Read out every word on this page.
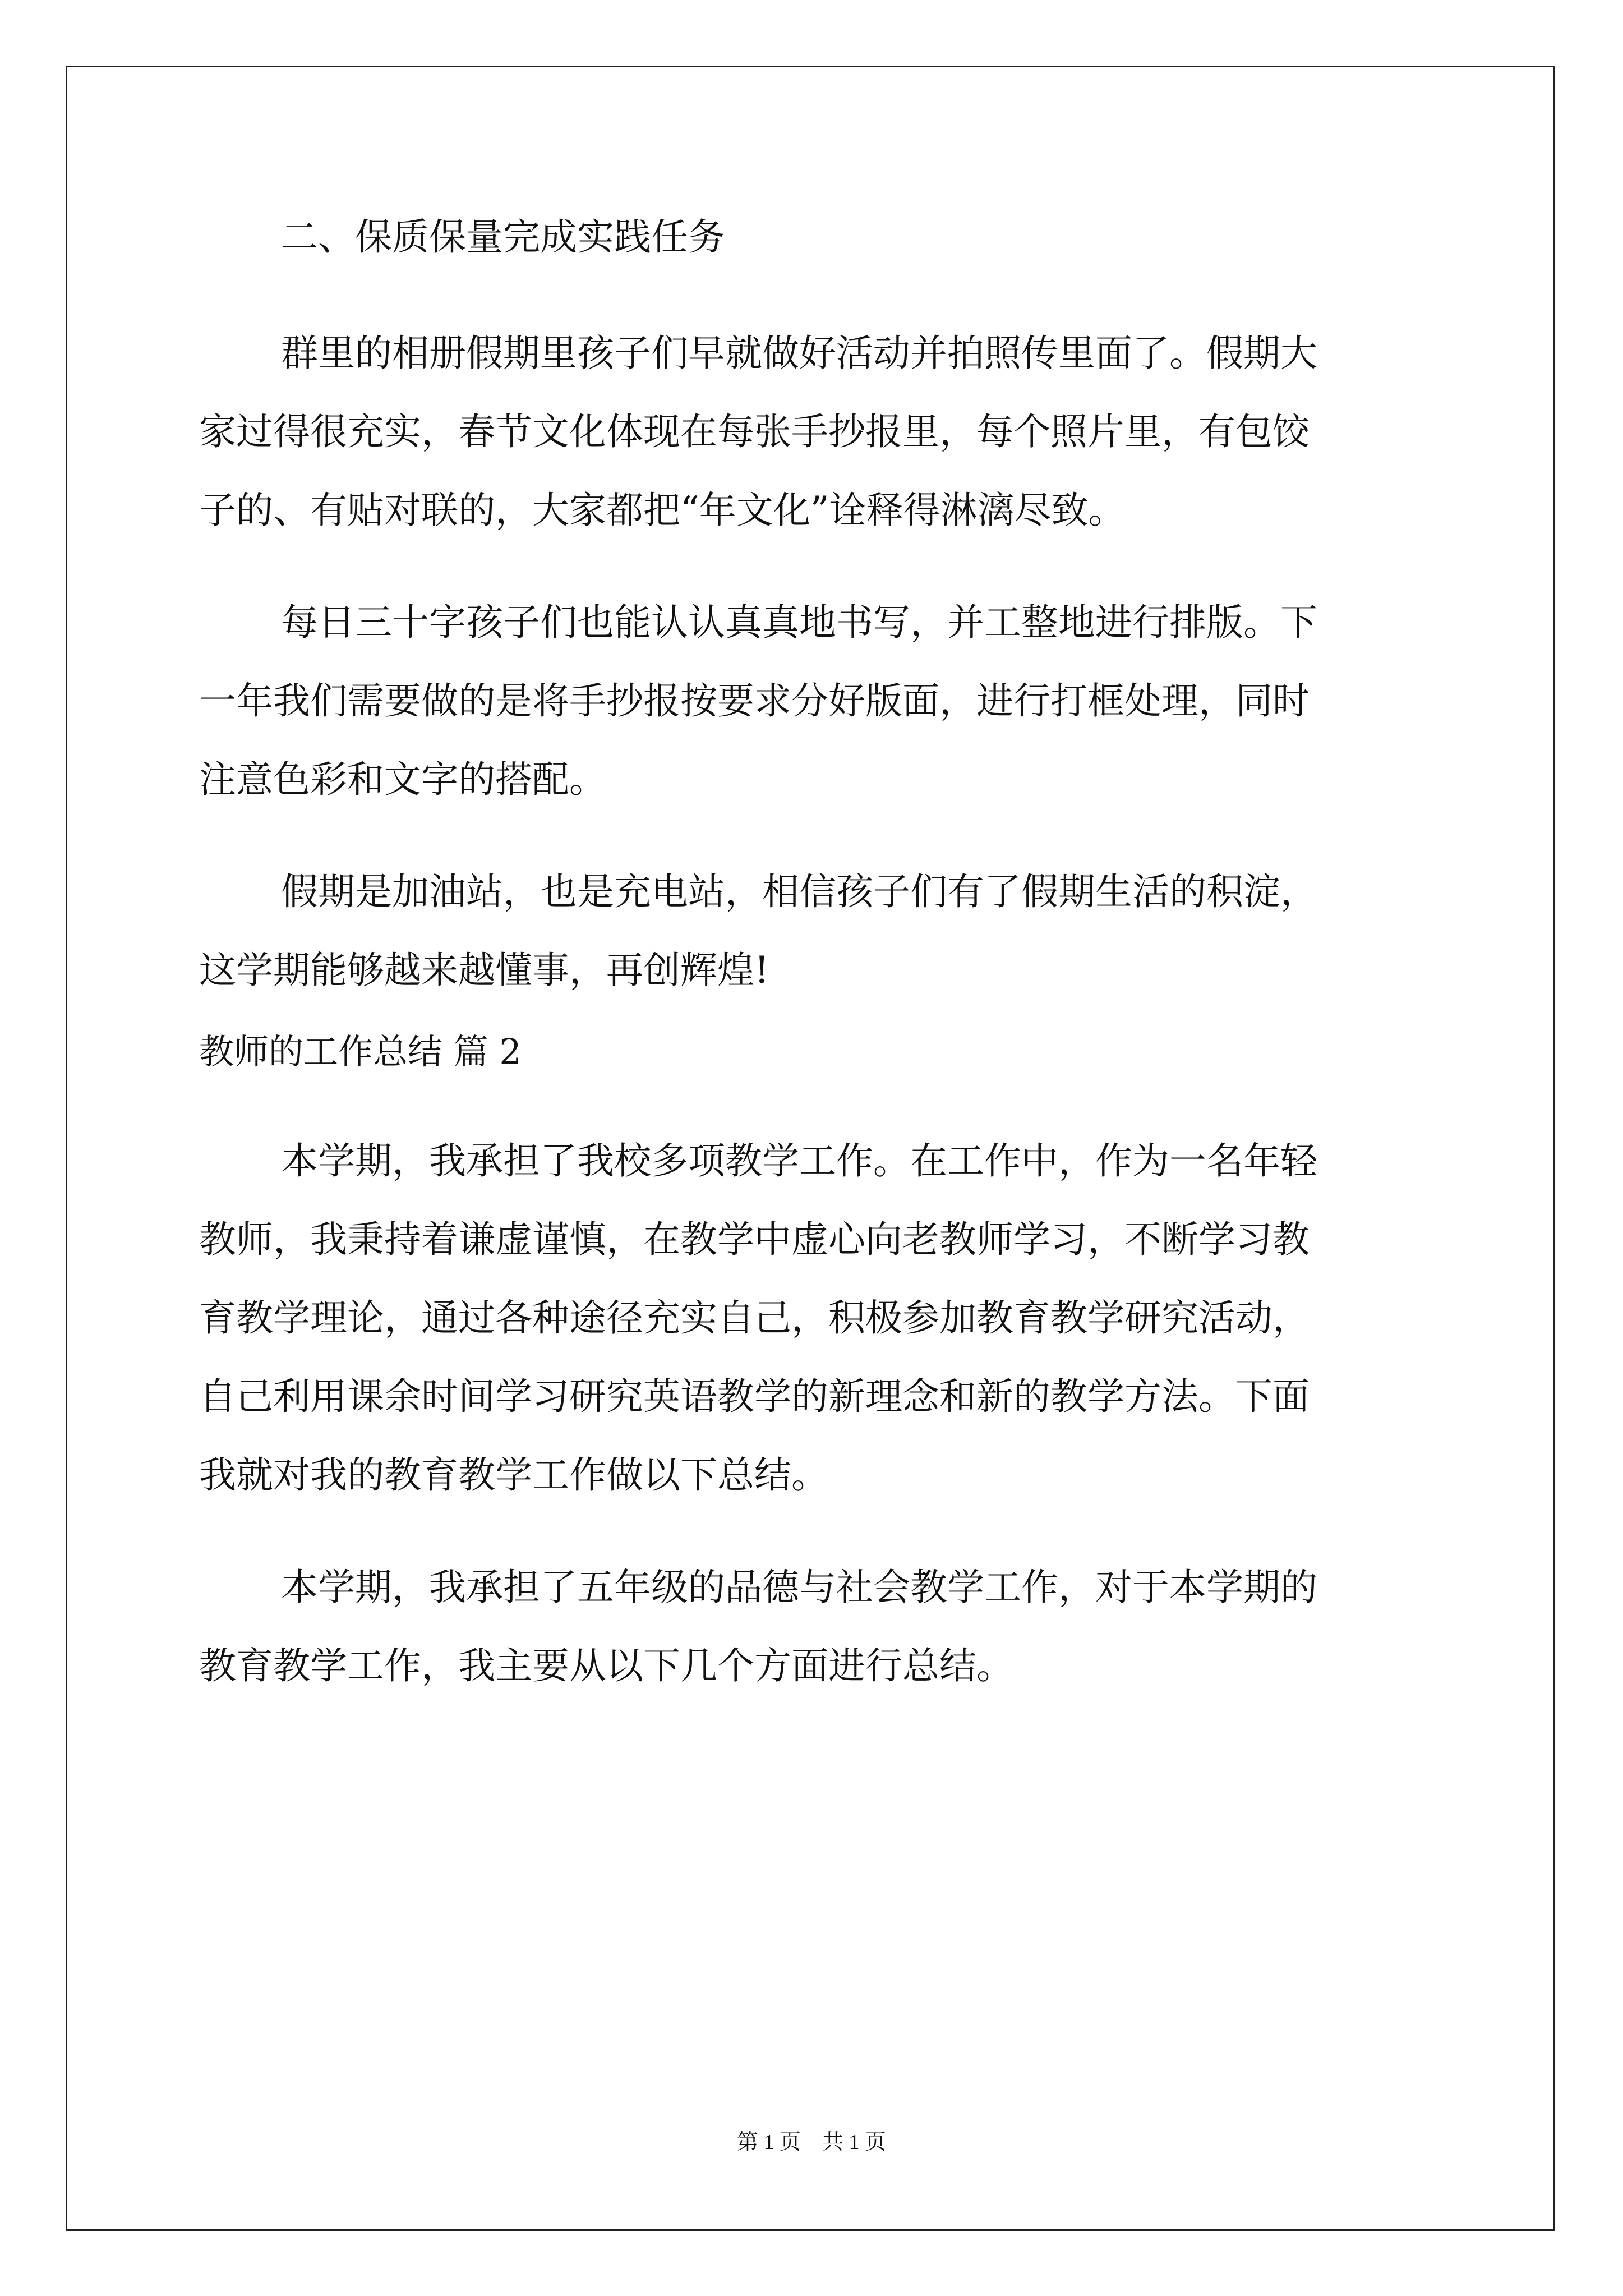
二、保质保量完成实践任务
群里的相册假期里孩子们早就做好活动并拍照传里面了。假期大
家过得很充实，春节文化体现在每张手抄报里，每个照片里，有包饺
子的、有贴对联的，大家都把“年文化”诠释得淋漓尽致。
每日三十字孩子们也能认认真真地书写，并工整地进行排版。下
一年我们需要做的是将手抄报按要求分好版面，进行打框处理，同时
注意色彩和文字的搭配。
假期是加油站，也是充电站，相信孩子们有了假期生活的积淀，
这学期能够越来越懂事，再创辉煌!
教师的工作总结 篇 2
本学期，我承担了我校多项教学工作。在工作中，作为一名年轻
教师，我秉持着谦虚谨慎，在教学中虚心向老教师学习，不断学习教
育教学理论，通过各种途径充实自己，积极参加教育教学研究活动，
自己利用课余时间学习研究英语教学的新理念和新的教学方法。下面
我就对我的教育教学工作做以下总结。
本学期，我承担了五年级的品德与社会教学工作，对于本学期的
教育教学工作，我主要从以下几个方面进行总结。
第 1 页    共 1 页
